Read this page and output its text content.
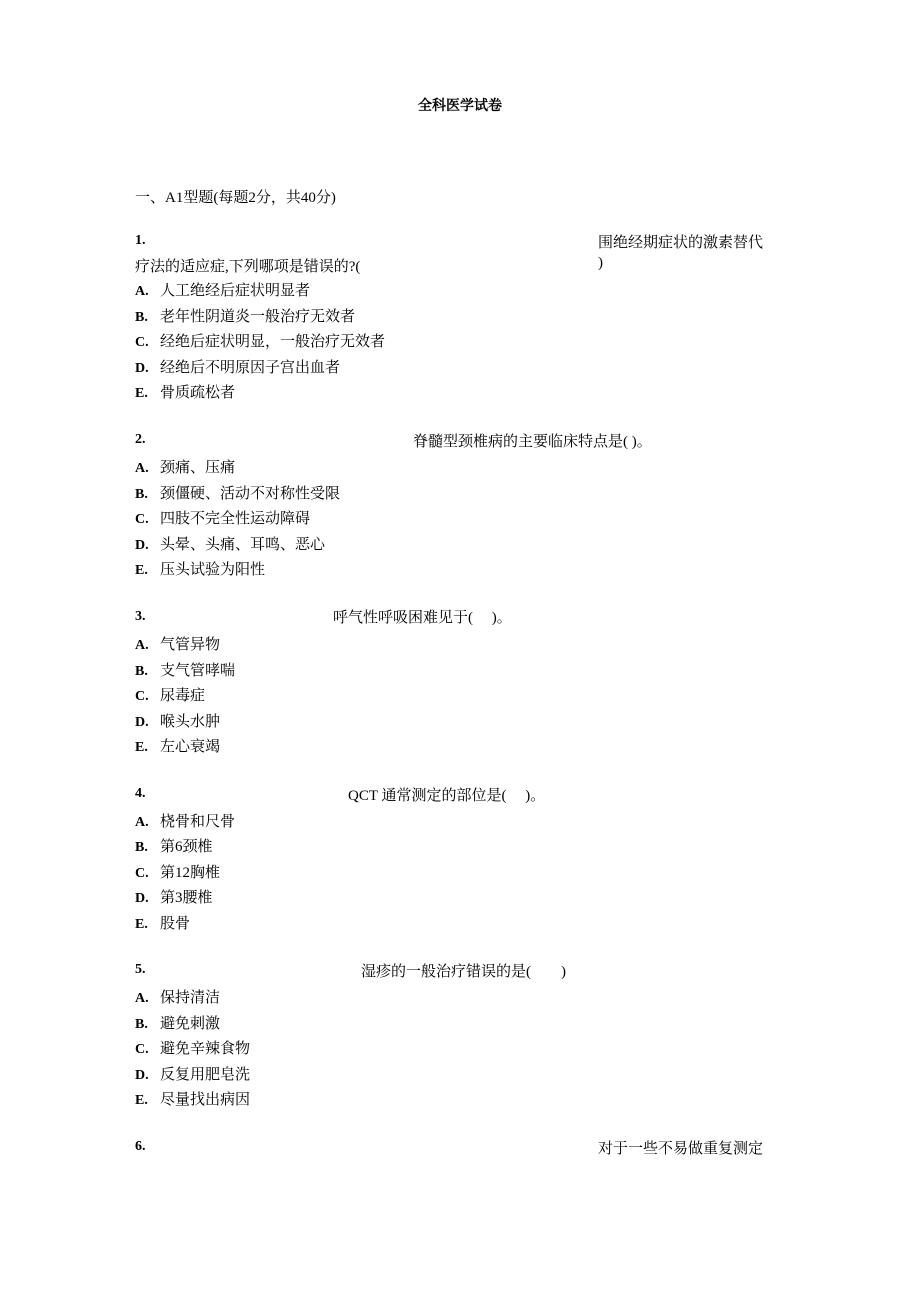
全科医学试卷
一、A1型题(每题2分，共40分)
1.	围绝经期症状的激素替代
疗法的适应症,下列哪项是错误的?(	)
A. 人工绝经后症状明显者
B. 老年性阴道炎一般治疗无效者
C. 经绝后症状明显，一般治疗无效者
D. 经绝后不明原因子宫出血者
E. 骨质疏松者
2.	脊髓型颈椎病的主要临床特点是( )。
A. 颈痛、压痛
B. 颈僵硬、活动不对称性受限
C. 四肢不完全性运动障碍
D. 头晕、头痛、耳鸣、恶心
E. 压头试验为阳性
3.	呼气性呼吸困难见于(　 )。
A. 气管异物
B. 支气管哮喘
C. 尿毒症
D. 喉头水肿
E. 左心衰竭
4.	QCT 通常测定的部位是(　 )。
A. 桡骨和尺骨
B. 第6颈椎
C. 第12胸椎
D. 第3腰椎
E. 股骨
5.	湿疹的一般治疗错误的是(　　)
A. 保持清洁
B. 避免刺激
C. 避免辛辣食物
D. 反复用肥皂洗
E. 尽量找出病因
6.	对于一些不易做重复测定
